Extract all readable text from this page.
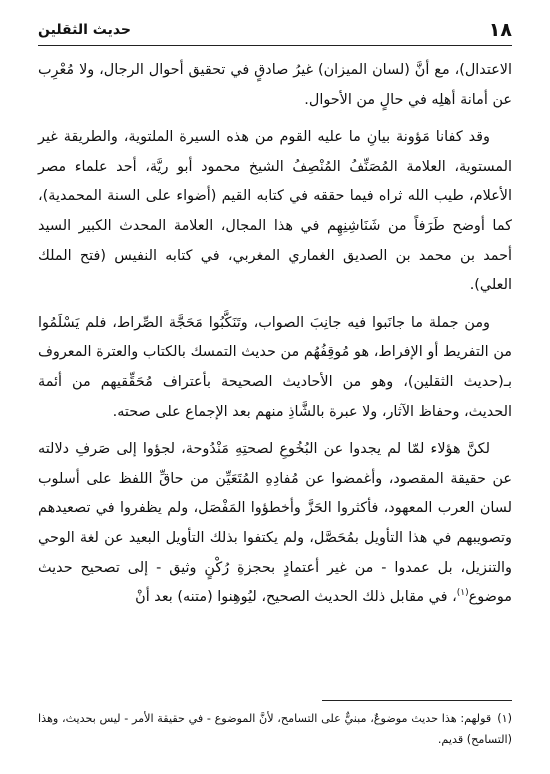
١٨
حديث الثقلين

الاعتدال)، مع أنَّ (لسان الميزان) غيرُ صادقٍ في تحقيق أحوال الرجال، ولا مُعْرِب عن أمانة أهلِه في حالٍ من الأحوال.

وقد كفانا مَؤونة بيانِ ما عليه القوم من هذه السيرة الملتوية، والطريقة غير المستوية، العلامة المُصَنِّفُ المُنْصِفُ الشيخ محمود أبو ريَّة، أحد علماء مصر الأعلام، طيب الله ثراه فيما حققه في كتابه القيم (أضواء على السنة المحمدية)، كما أوضح طَرَفاً من شَنَاشِنِهِم في هذا المجال، العلامة المحدث الكبير السيد أحمد بن محمد بن الصديق الغماري المغربي، في كتابه النفيس (فتح الملك العلي).

ومن جملة ما جانَبوا فيه جانِبَ الصواب، وتَنَكَّبُوا مَحَجَّة الصِّراط، فلم يَسْلَمُوا من التفريط أو الإفراط، هو مُوقِفُهُم من حديث التمسك بالكتاب والعترة المعروف بـ(حديث الثقلين)، وهو من الأحاديث الصحيحة بأعتراف مُحَقِّقيهم من أئمة الحديث، وحفاظ الآثار، ولا عبرة بالشَّاذِ منهم بعد الإجماع على صحته.

لكنَّ هؤلاء لمّا لم يجدوا عن البُخُوعِ لصحتِهِ مَنْدُوحة، لجؤوا إلى صَرفِ دلالته عن حقيقة المقصود، وأغمضوا عن مُفادِهِ المُتَعَيِّن من حاقِّ اللفظ على أسلوب لسان العرب المعهود، فأكثروا الحَزَّ وأخطؤوا المَفْصَل، ولم يظفروا في تصعيدهم وتصويبهم في هذا التأويل بمُحَصَّل، ولم يكتفوا بذلك التأويل البعيد عن لغة الوحي والتنزيل، بل عمدوا - من غير أعتمادٍ بحجزةِ رُكْنٍ وثيق - إلى تصحيح حديث موضوع$^{(١)}$، في مقابل ذلك الحديث الصحيح، ليُوهِنوا (متنه) بعد أنْ

(١)قولهم: هذا حديث موضوعٌ، مبنيٌّ على التسامح، لأنَّ الموضوع - في حقيقة الأمر - ليس بحديث، وهذا (التسامح) قديم.
